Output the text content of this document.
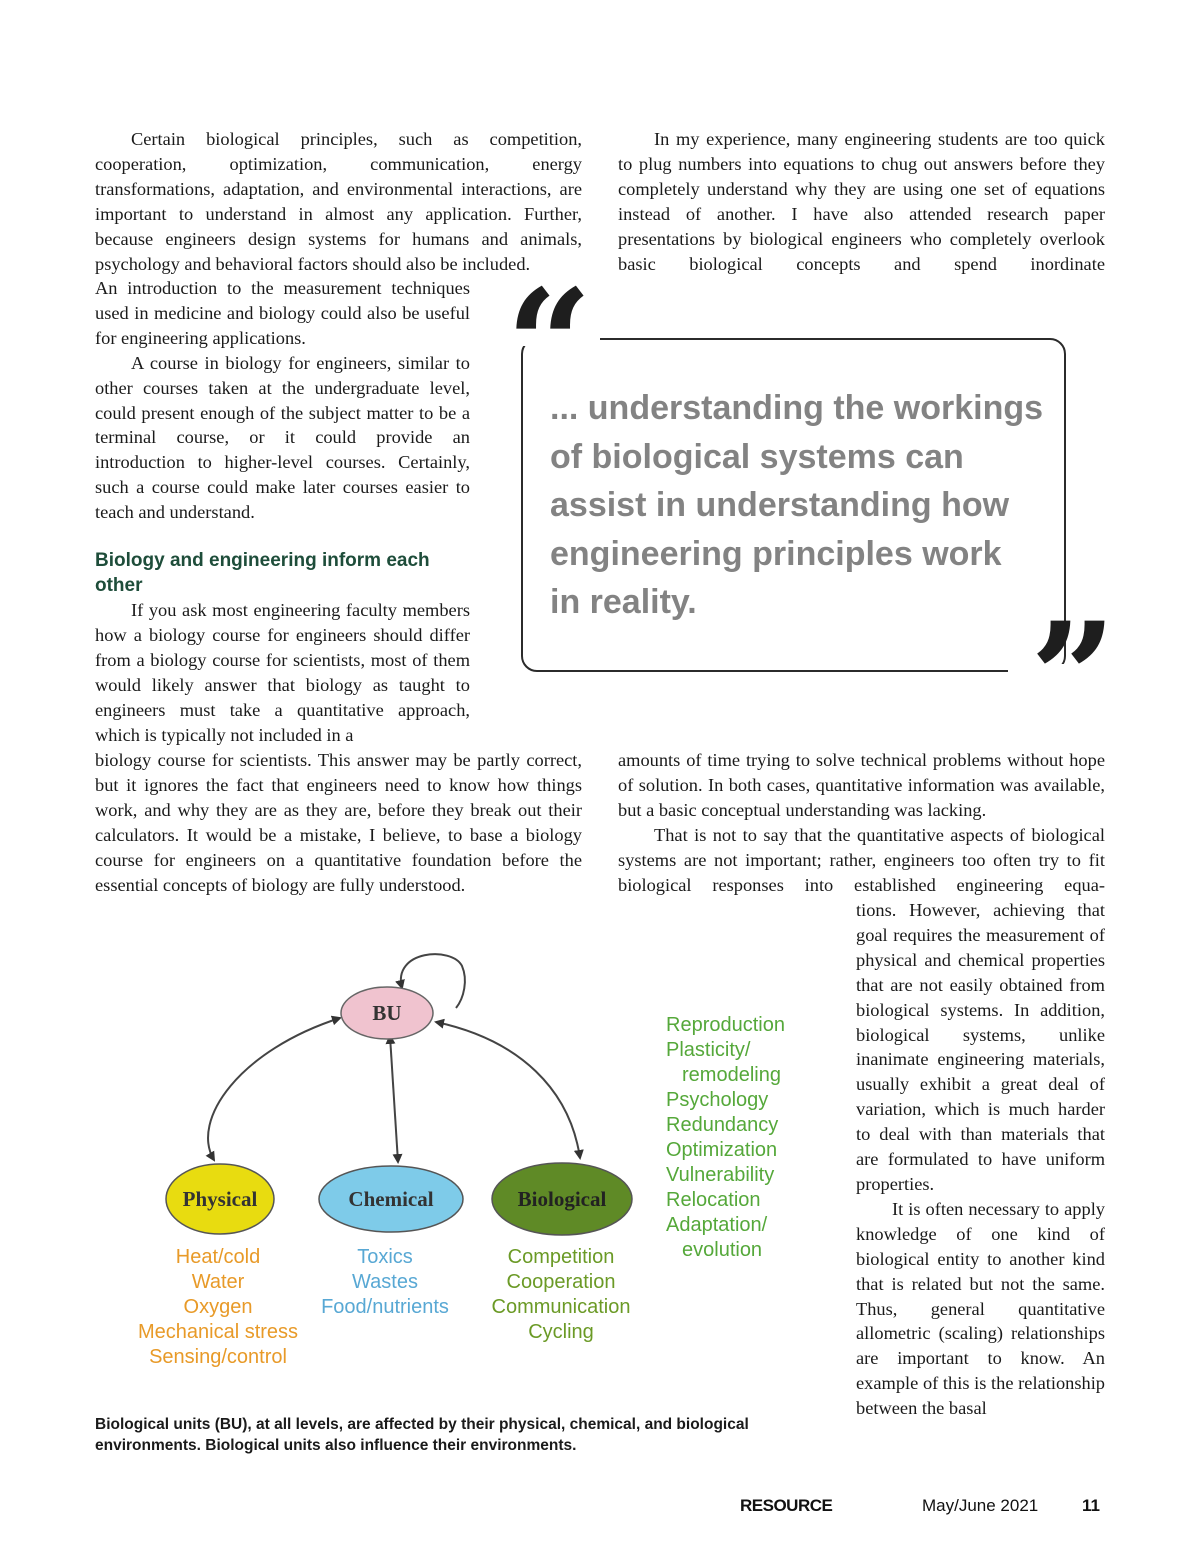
Certain biological principles, such as competition, cooperation, optimization, communication, energy transformations, adaptation, and environmental interactions, are important to understand in almost any application. Further, because engineers design systems for humans and animals, psychology and behavioral factors should also be included.

An introduction to the measurement techniques used in medicine and biology could also be useful for engineering applications.

A course in biology for engineers, similar to other courses taken at the undergraduate level, could present enough of the subject matter to be a terminal course, or it could provide an introduction to higher-level courses. Certainly, such a course could make later courses easier to teach and understand.

Biology and engineering inform each other

If you ask most engineering faculty members how a biology course for engineers should differ from a biology course for scientists, most of them would likely answer that biology as taught to engineers must take a quantitative approach, which is typically not included in a

biology course for scientists. This answer may be partly correct, but it ignores the fact that engineers need to know how things work, and why they are as they are, before they break out their calculators. It would be a mistake, I believe, to base a biology course for engineers on a quantitative foundation before the essential concepts of biology are fully understood.

In my experience, many engineering students are too quick to plug numbers into equations to chug out answers before they completely understand why they are using one set of equations instead of another. I have also attended research paper presentations by biological engineers who completely overlook basic biological concepts and spend inordinate

amounts of time trying to solve technical problems without hope of solution. In both cases, quantitative information was available, but a basic conceptual understanding was lacking.

That is not to say that the quantitative aspects of biological systems are not important; rather, engineers too often try to fit biological responses into established engineering equa-

tions. However, achieving that goal requires the measurement of physical and chemical properties that are not easily obtained from biological systems. In addition, biological systems, unlike inanimate engineering materials, usually exhibit a great deal of variation, which is much harder to deal with than materials that are formulated to have uniform properties.

It is often necessary to apply knowledge of one kind of biological entity to another kind that is related but not the same. Thus, general quantitative allometric (scaling) relationships are important to know. An example of this is the relationship between the basal

“
”
... understanding the workings
of biological systems can
assist in understanding how
engineering principles work
in reality.
BU
Physical	Chemical	Biological
Heat/cold
Water
Oxygen
Mechanical stress
Sensing/control
Toxics
Wastes
Food/nutrients
Competition
Cooperation
Communication
Cycling
Reproduction
Plasticity/
remodeling
Psychology
Redundancy
Optimization
Vulnerability
Relocation
Adaptation/
evolution
Biological units (BU), at all levels, are affected by their physical, chemical, and biological environments. Biological units also influence their environments.
RESOURCE	May/June 2021	11
